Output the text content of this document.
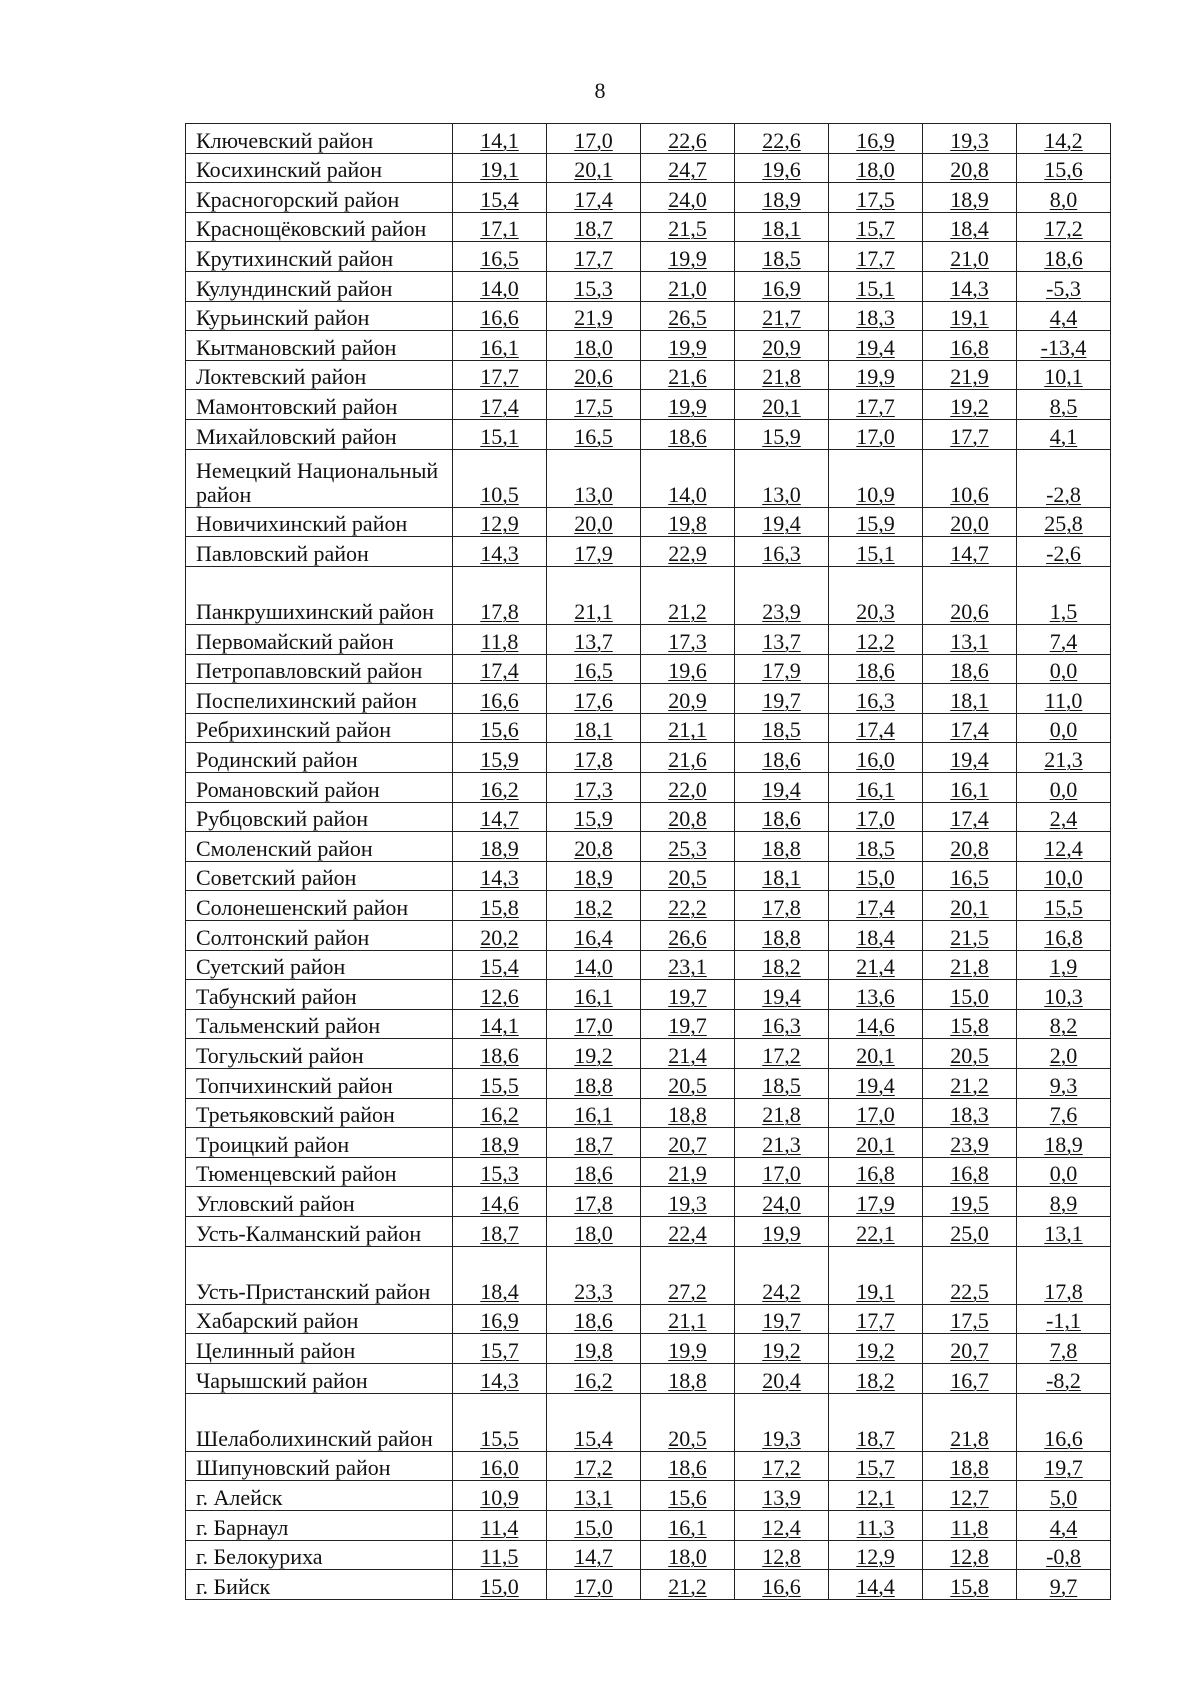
8
Ключевский район	14,1	17,0	22,6	22,6	16,9	19,3	14,2
Косихинский район	19,1	20,1	24,7	19,6	18,0	20,8	15,6
Красногорский район	15,4	17,4	24,0	18,9	17,5	18,9	8,0
Краснощёковский район	17,1	18,7	21,5	18,1	15,7	18,4	17,2
Крутихинский район	16,5	17,7	19,9	18,5	17,7	21,0	18,6
Кулундинский район	14,0	15,3	21,0	16,9	15,1	14,3	-5,3
Курьинский район	16,6	21,9	26,5	21,7	18,3	19,1	4,4
Кытмановский район	16,1	18,0	19,9	20,9	19,4	16,8	-13,4
Локтевский район	17,7	20,6	21,6	21,8	19,9	21,9	10,1
Мамонтовский район	17,4	17,5	19,9	20,1	17,7	19,2	8,5
Михайловский район	15,1	16,5	18,6	15,9	17,0	17,7	4,1
Немецкий Национальный район	10,5	13,0	14,0	13,0	10,9	10,6	-2,8
Новичихинский район	12,9	20,0	19,8	19,4	15,9	20,0	25,8
Павловский район	14,3	17,9	22,9	16,3	15,1	14,7	-2,6
Панкрушихинский район	17,8	21,1	21,2	23,9	20,3	20,6	1,5
Первомайский район	11,8	13,7	17,3	13,7	12,2	13,1	7,4
Петропавловский район	17,4	16,5	19,6	17,9	18,6	18,6	0,0
Поспелихинский район	16,6	17,6	20,9	19,7	16,3	18,1	11,0
Ребрихинский район	15,6	18,1	21,1	18,5	17,4	17,4	0,0
Родинский район	15,9	17,8	21,6	18,6	16,0	19,4	21,3
Романовский район	16,2	17,3	22,0	19,4	16,1	16,1	0,0
Рубцовский район	14,7	15,9	20,8	18,6	17,0	17,4	2,4
Смоленский район	18,9	20,8	25,3	18,8	18,5	20,8	12,4
Советский район	14,3	18,9	20,5	18,1	15,0	16,5	10,0
Солонешенский район	15,8	18,2	22,2	17,8	17,4	20,1	15,5
Солтонский район	20,2	16,4	26,6	18,8	18,4	21,5	16,8
Суетский район	15,4	14,0	23,1	18,2	21,4	21,8	1,9
Табунский район	12,6	16,1	19,7	19,4	13,6	15,0	10,3
Тальменский район	14,1	17,0	19,7	16,3	14,6	15,8	8,2
Тогульский район	18,6	19,2	21,4	17,2	20,1	20,5	2,0
Топчихинский район	15,5	18,8	20,5	18,5	19,4	21,2	9,3
Третьяковский район	16,2	16,1	18,8	21,8	17,0	18,3	7,6
Троицкий район	18,9	18,7	20,7	21,3	20,1	23,9	18,9
Тюменцевский район	15,3	18,6	21,9	17,0	16,8	16,8	0,0
Угловский район	14,6	17,8	19,3	24,0	17,9	19,5	8,9
Усть-Калманский район	18,7	18,0	22,4	19,9	22,1	25,0	13,1
Усть-Пристанский район	18,4	23,3	27,2	24,2	19,1	22,5	17,8
Хабарский район	16,9	18,6	21,1	19,7	17,7	17,5	-1,1
Целинный район	15,7	19,8	19,9	19,2	19,2	20,7	7,8
Чарышский район	14,3	16,2	18,8	20,4	18,2	16,7	-8,2
Шелаболихинский район	15,5	15,4	20,5	19,3	18,7	21,8	16,6
Шипуновский район	16,0	17,2	18,6	17,2	15,7	18,8	19,7
г. Алейск	10,9	13,1	15,6	13,9	12,1	12,7	5,0
г. Барнаул	11,4	15,0	16,1	12,4	11,3	11,8	4,4
г. Белокуриха	11,5	14,7	18,0	12,8	12,9	12,8	-0,8
г. Бийск	15,0	17,0	21,2	16,6	14,4	15,8	9,7
